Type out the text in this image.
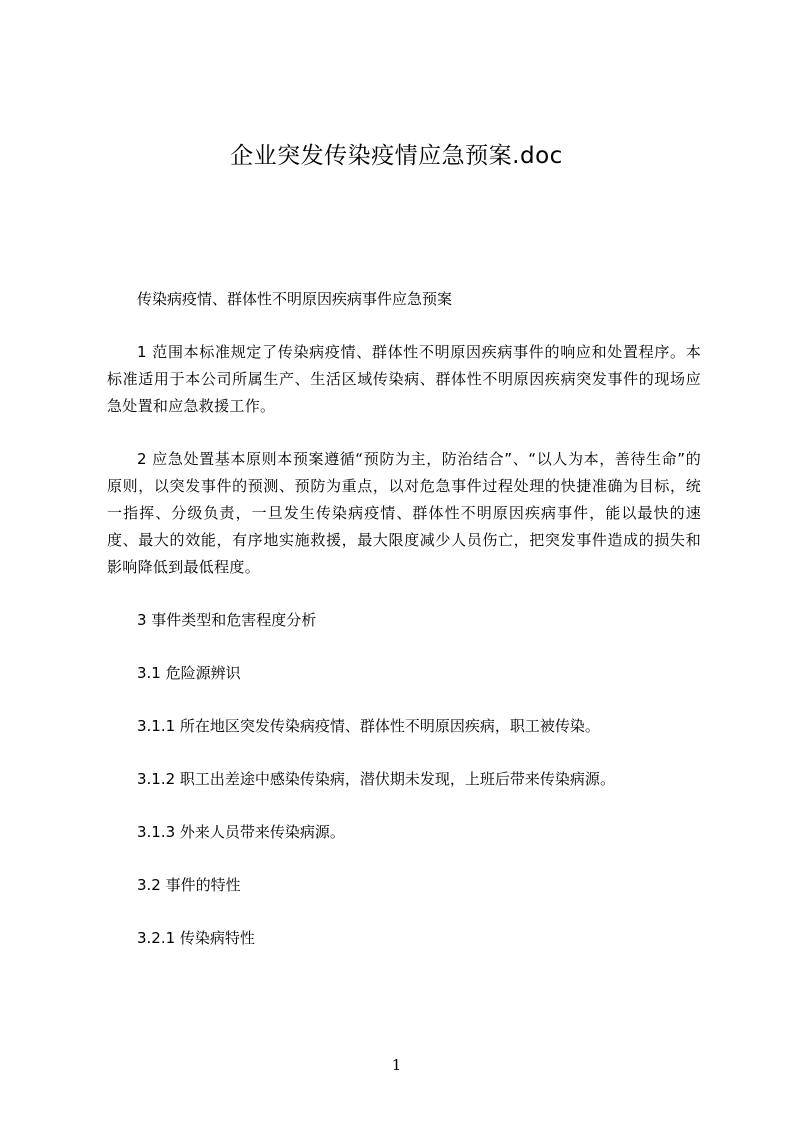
企业突发传染疫情应急预案.doc

传染病疫情、群体性不明原因疾病事件应急预案

1 范围本标准规定了传染病疫情、群体性不明原因疾病事件的响应和处置程序。本标准适用于本公司所属生产、生活区域传染病、群体性不明原因疾病突发事件的现场应急处置和应急救援工作。

2 应急处置基本原则本预案遵循“预防为主，防治结合”、“以人为本，善待生命”的原则，以突发事件的预测、预防为重点，以对危急事件过程处理的快捷准确为目标，统一指挥、分级负责，一旦发生传染病疫情、群体性不明原因疾病事件，能以最快的速度、最大的效能，有序地实施救援，最大限度减少人员伤亡，把突发事件造成的损失和影响降低到最低程度。

3 事件类型和危害程度分析

3.1 危险源辨识

3.1.1 所在地区突发传染病疫情、群体性不明原因疾病，职工被传染。

3.1.2 职工出差途中感染传染病，潜伏期未发现，上班后带来传染病源。

3.1.3 外来人员带来传染病源。

3.2 事件的特性

3.2.1 传染病特性

1
